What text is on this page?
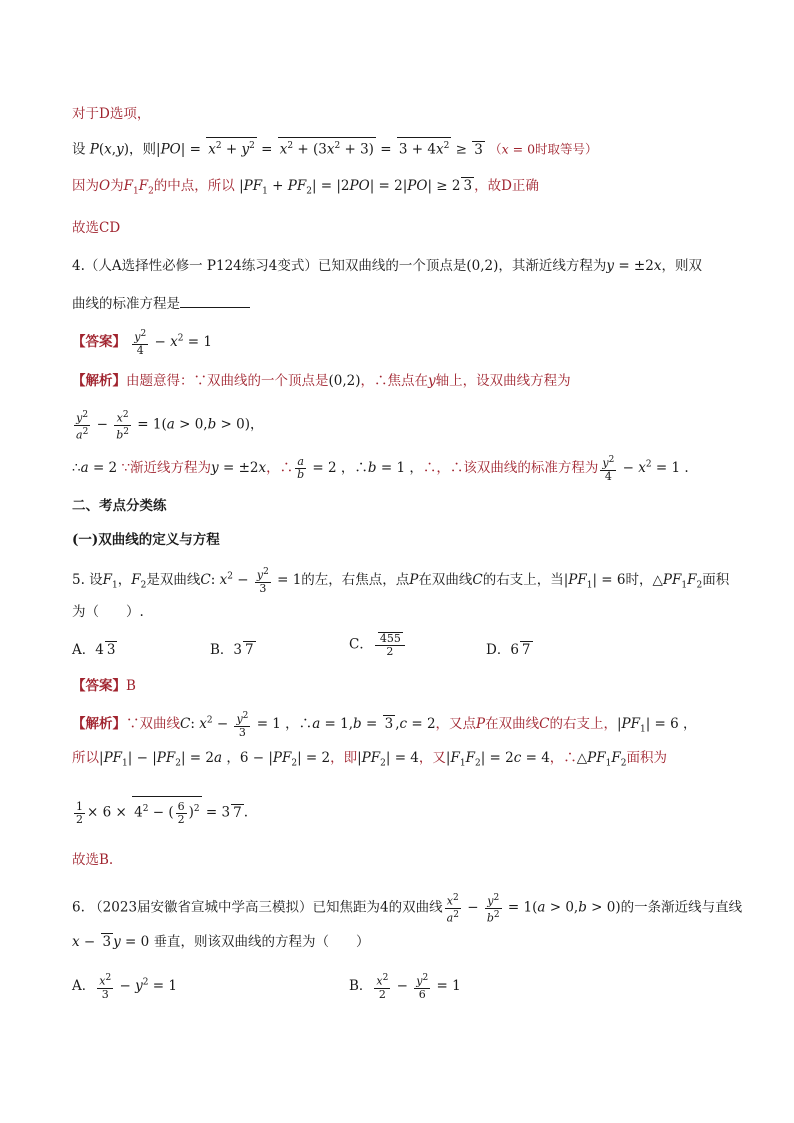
对于D选项，
设 P(x,y)，则$|PO| = x^2 + y^2 = x^2 + (3x^2 + 3) = 3 + 4x^2 \ge 3$ （x = 0时取等号）
因为O为$F_1F_2$的中点，所以 $|PF_1 + PF_2| = |2PO| = 2|PO| \ge 2$ 3 ，故D正确
故选CD
4.（人A选择性必修一 P124练习4变式）已知双曲线的一个顶点是(0,2)，其渐近线方程为y = ±2x，则双
曲线的标准方程是
【答案】 $\frac{y^2}{4} - x^2 = 1$
【解析】由题意得：∵双曲线的一个顶点是(0,2)，∴焦点在y轴上，设双曲线方程为
$\frac{y^2}{a^2} - \frac{x^2}{b^2} = 1(a > 0,b > 0)$，
∴a = 2 ∵渐近线方程为y = ±2x，∴ $\frac{a}{b} = 2$ ，∴b = 1 ，∴，∴该双曲线的标准方程为 $\frac{y^2}{4} - x^2 = 1$ .
二、考点分类练
(一)双曲线的定义与方程
5. 设$F_1$，$F_2$是双曲线C: $x^2 - \frac{y^2}{3} = 1$的左，右焦点，点P在双曲线C的右支上，当$|PF_1| = 6$时，$\triangle PF_1F_2$面积
为（　　）.
A．4 3	B．3 7	C． $\frac{455}{2}$	D．6 7
【答案】B
【解析】∵双曲线C: $x^2 - \frac{y^2}{3} = 1$ ，∴a = 1,b = 3 ,c = 2，又点P在双曲线C的右支上，$|PF_1| = 6$ ，
所以$|PF_1| - |PF_2| = 2a$ ，$6 - |PF_2| = 2$，即$|PF_2| = 4$，又$|F_1F_2| = 2c = 4$，$\therefore\triangle PF_1F_2$面积为
$\frac{1}{2} \times 6 \times 4^2$ − ( $\frac{6}{2} )^2 = 3$ 7 .
故选B.
6. （2023届安徽省宣城中学高三模拟）已知焦距为4的双曲线 $\frac{x^2}{a^2} - \frac{y^2}{b^2} = 1(a > 0,b > 0)$的一条渐近线与直线
x − 3 y = 0 垂直，则该双曲线的方程为（　　）
A． $\frac{x^2}{3} - y^2 = 1$	B． $\frac{x^2}{2} - \frac{y^2}{6} = 1$
